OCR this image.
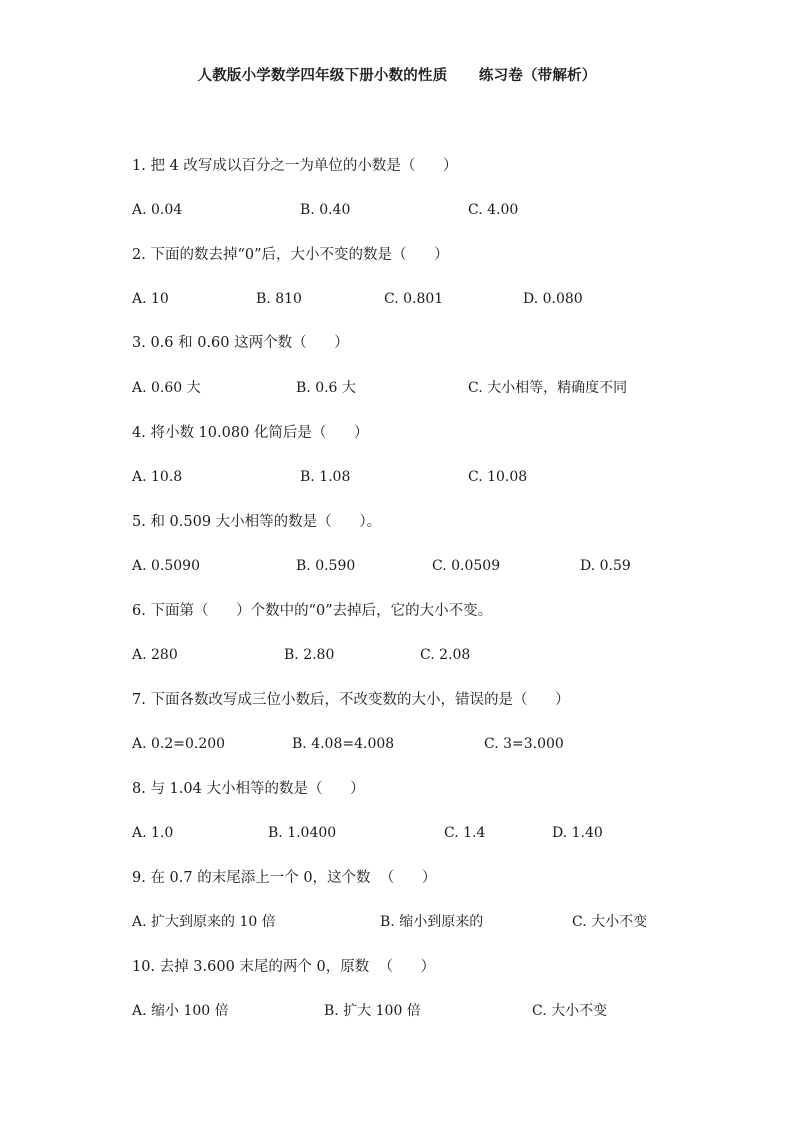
人教版小学数学四年级下册小数的性质      练习卷（带解析）
1. 把 4 改写成以百分之一为单位的小数是（      ）
A. 0.04	B. 0.40	C. 4.00
2. 下面的数去掉“0”后，大小不变的数是（      ）
A. 10	B. 810	C. 0.801	D. 0.080
3. 0.6 和 0.60 这两个数（      ）
A. 0.60 大	B. 0.6 大	C. 大小相等，精确度不同
4. 将小数 10.080 化简后是（      ）
A. 10.8	B. 1.08	C. 10.08
5. 和 0.509 大小相等的数是（      ）。
A. 0.5090	B. 0.590	C. 0.0509	D. 0.59
6. 下面第（      ）个数中的“0”去掉后，它的大小不变。
A. 280	B. 2.80	C. 2.08
7. 下面各数改写成三位小数后，不改变数的大小，错误的是（      ）
A. 0.2=0.200	B. 4.08=4.008	C. 3=3.000
8. 与 1.04 大小相等的数是（      ）
A. 1.0	B. 1.0400	C. 1.4	D. 1.40
9. 在 0.7 的末尾添上一个 0，这个数  （      ）
A. 扩大到原来的 10 倍	B. 缩小到原来的	C. 大小不变
10. 去掉 3.600 末尾的两个 0，原数  （      ）
A. 缩小 100 倍	B. 扩大 100 倍	C. 大小不变
